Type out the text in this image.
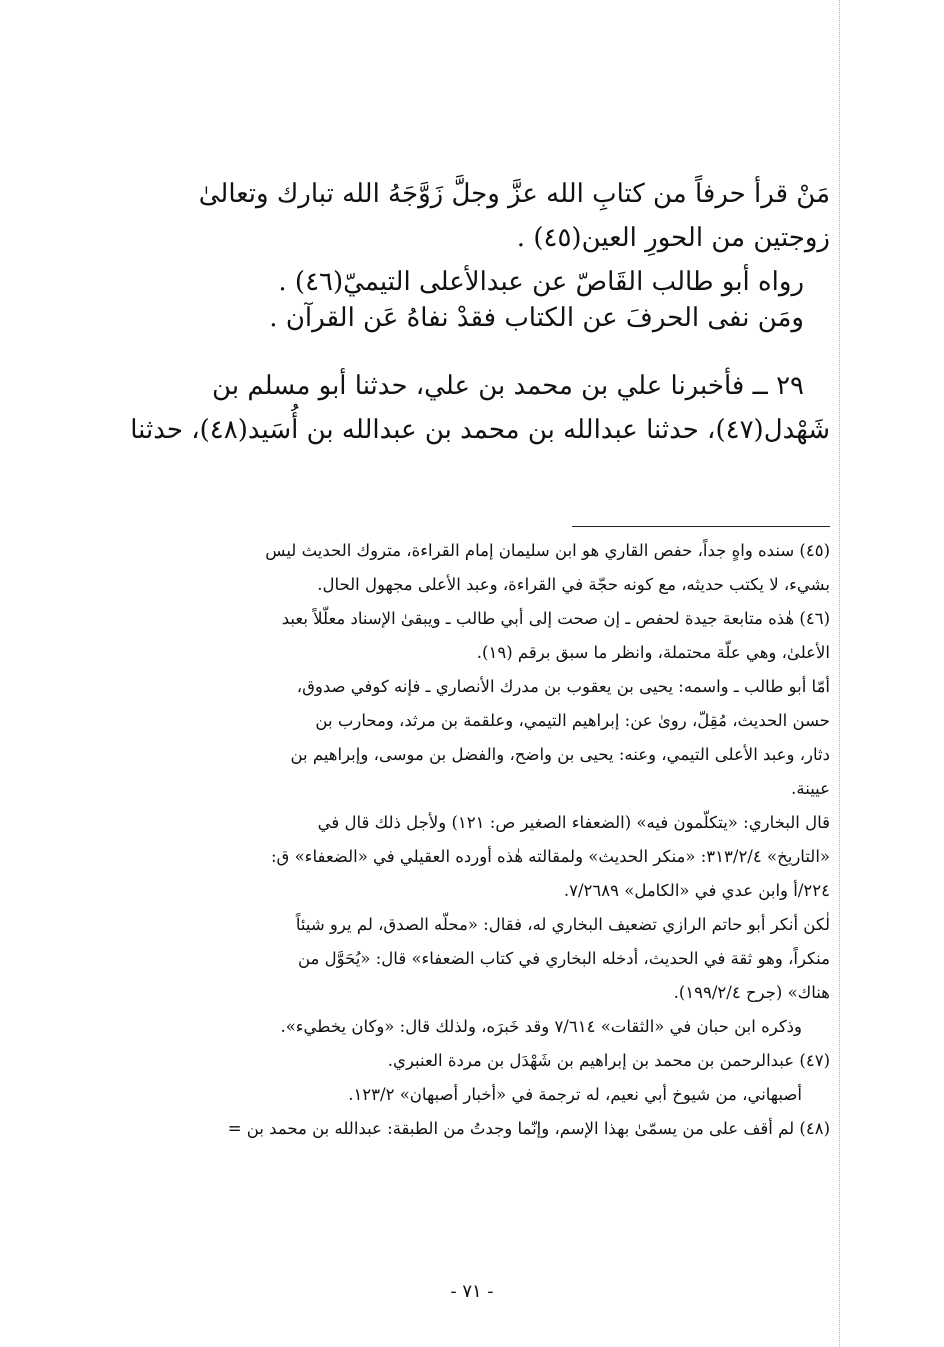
مَنْ قرأ حرفاً من كتابِ الله عزَّ وجلَّ زَوَّجَهُ الله تبارك وتعالىٰ
زوجتين من الحورِ العين(٤٥) .
رواه أبو طالب القَاصّ عن عبدالأعلى التيميّ(٤٦) .
ومَن نفى الحرفَ عن الكتاب فقدْ نفاهُ عَن القرآن .
٢٩ ــ فأخبرنا علي بن محمد بن علي، حدثنا أبو مسلم بن
شَهْدل(٤٧)، حدثنا عبدالله بن محمد بن عبدالله بن أُسَيد(٤٨)، حدثنا
(٤٥) سنده واهٍ جداً، حفص القاري هو ابن سليمان إمام القراءة، متروك الحديث ليس
بشيء، لا يكتب حديثه، مع كونه حجّة في القراءة، وعبد الأعلى مجهول الحال.
(٤٦) هٰذه متابعة جيدة لحفص ـ إن صحت إلى أبي طالب ـ ويبقىٰ الإسناد معلّلاً بعبد
الأعلىٰ، وهي علّة محتملة، وانظر ما سبق برقم (١٩).
أمّا أبو طالب ـ واسمه: يحيى بن يعقوب بن مدرك الأنصاري ـ فإنه كوفي صدوق،
حسن الحديث، مُقِلّ، روىٰ عن: إبراهيم التيمي، وعلقمة بن مرثد، ومحارب بن
دثار، وعبد الأعلى التيمي، وعنه: يحيى بن واضح، والفضل بن موسى، وإبراهيم بن
عيينة.
قال البخاري: «يتكلّمون فيه» (الضعفاء الصغير ص: ١٢١) ولأجل ذلك قال في
«التاريخ» ٣١٣/٢/٤: «منكر الحديث» ولمقالته هٰذه أورده العقيلي في «الضعفاء» ق:
٢٢٤/أ وابن عدي في «الكامل» ٧/٢٦٨٩.
لٰكن أنكر أبو حاتم الرازي تضعيف البخاري له، فقال: «محلّه الصدق، لم يرو شيئاً
منكراً، وهو ثقة في الحديث، أدخله البخاري في كتاب الضعفاء» قال: «يُحَوَّل من
هناك» (جرح ١٩٩/٢/٤).
وذكره ابن حبان في «الثقات» ٧/٦١٤ وقد خَبرَه، ولذلك قال: «وكان يخطيء».
(٤٧) عبدالرحمن بن محمد بن إبراهيم بن شَهْدَل بن مردة العنبري.
أصبهاني، من شيوخ أبي نعيم، له ترجمة في «أخبار أصبهان» ١٢٣/٢.
(٤٨) لم أقف على من يسمّىٰ بهذا الإسم، وإنّما وجدتُ من الطبقة: عبدالله بن محمد بن =
- ٧١ -
